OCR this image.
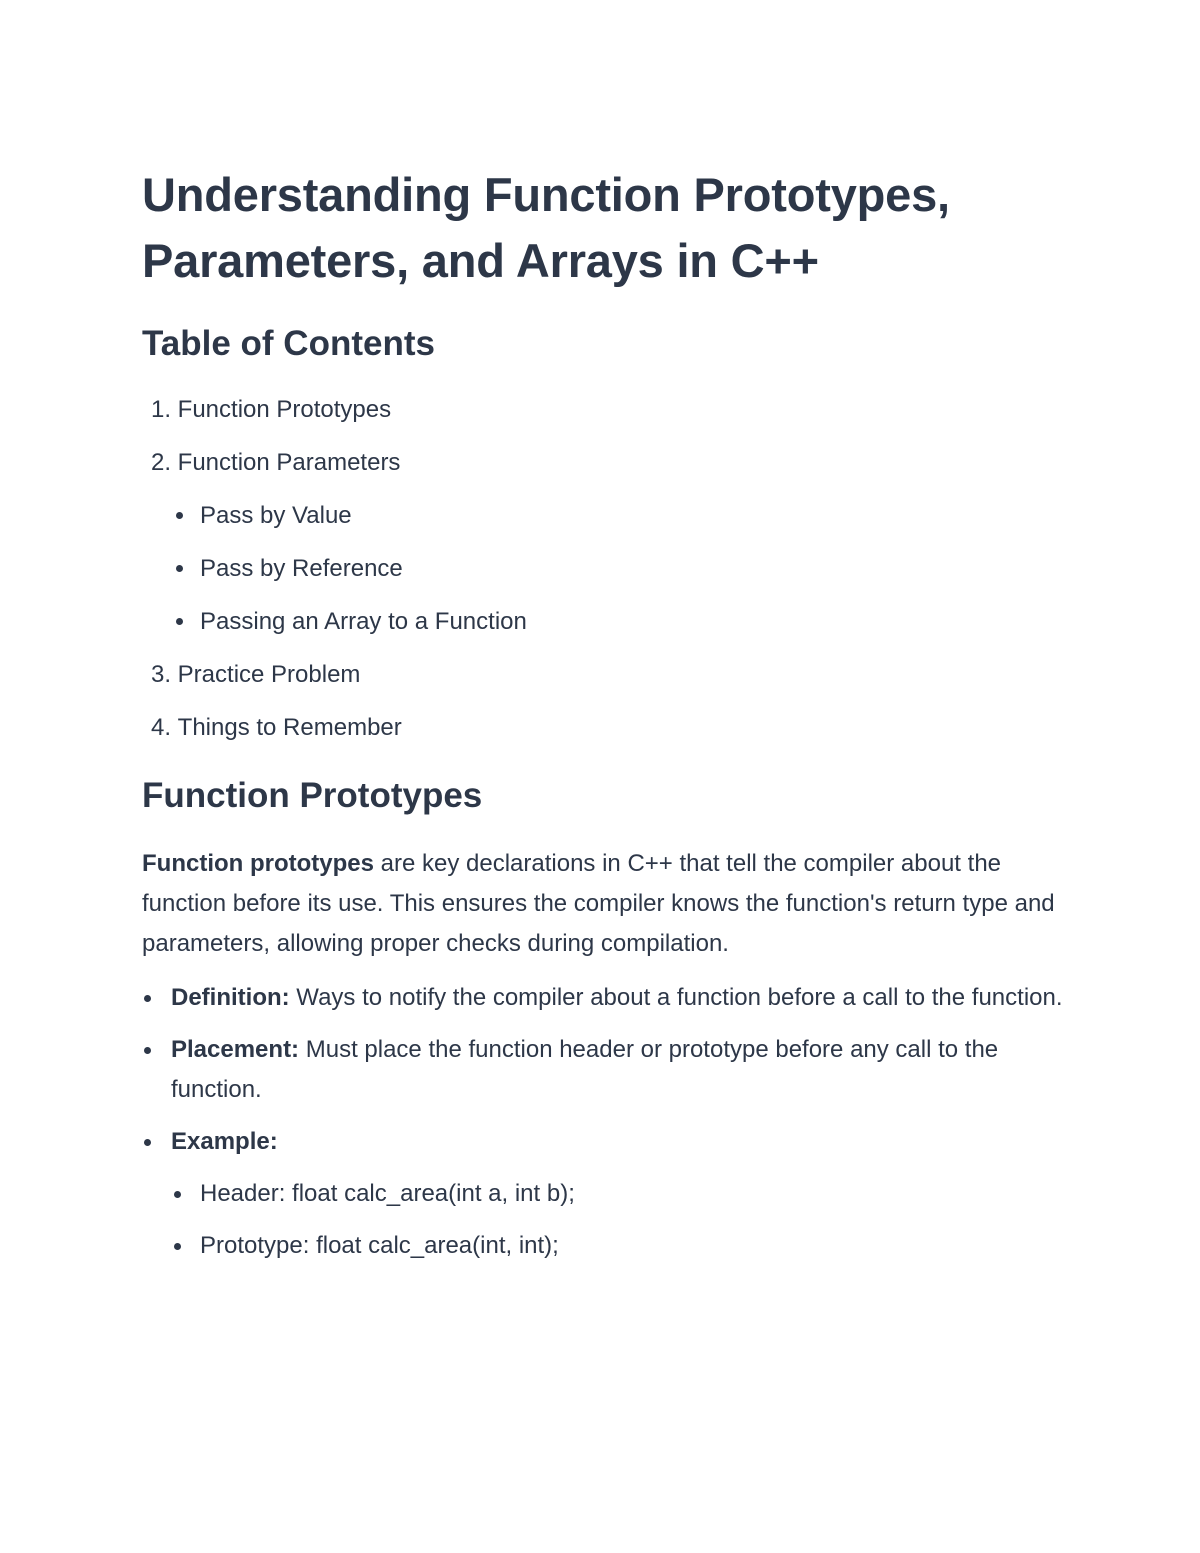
Understanding Function Prototypes, Parameters, and Arrays in C++
Table of Contents
1.
Function Prototypes
2.
Function Parameters
Pass by Value
Pass by Reference
Passing an Array to a Function
3.
Practice Problem
4.
Things to Remember
Function Prototypes

Function prototypes are key declarations in C++ that tell the compiler about the function before its use. This ensures the compiler knows the function's return type and parameters, allowing proper checks during compilation.

Definition: Ways to notify the compiler about a function before a call to the function.
Placement: Must place the function header or prototype before any call to the function.
Example:
Header: float calc_area(int a, int b);
Prototype: float calc_area(int, int);
